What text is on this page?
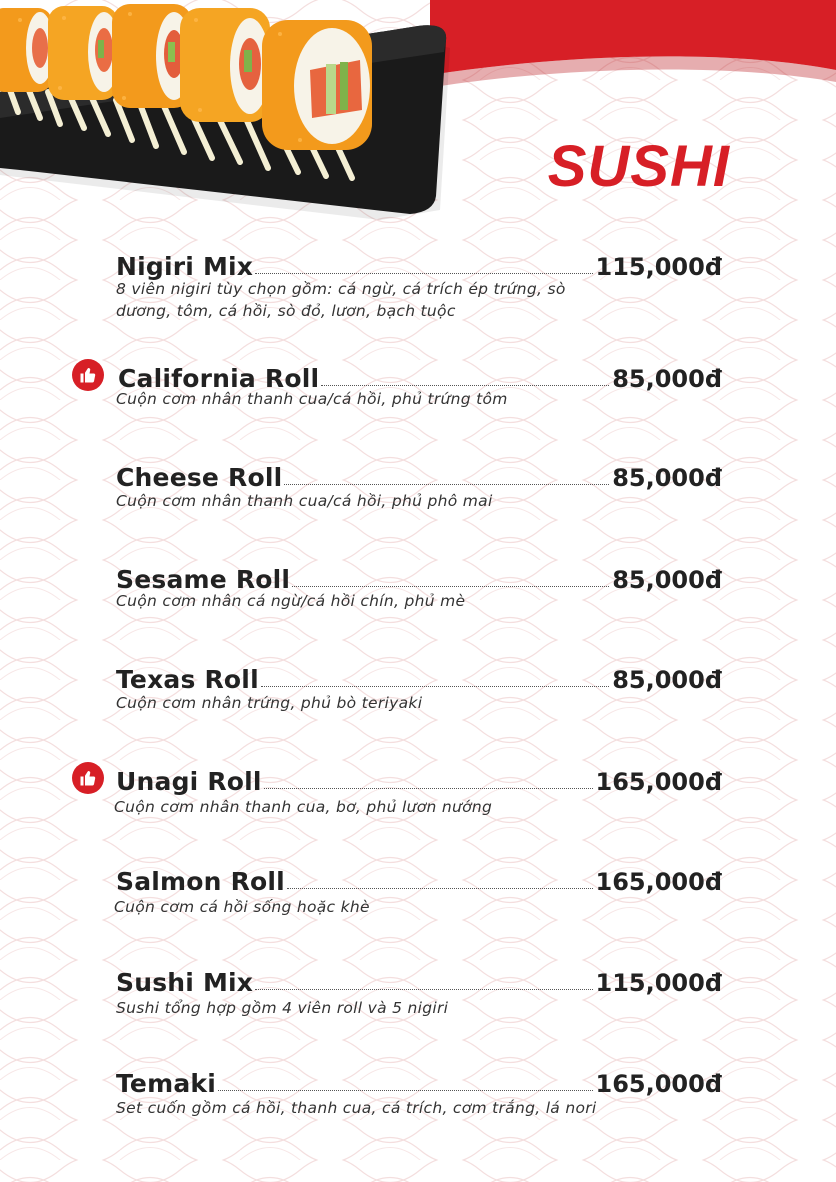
SUSHI
Nigiri Mix	115,000đ
8 viên nigiri tùy chọn gồm: cá ngừ, cá trích ép trứng, sò dương, tôm, cá hồi, sò đỏ, lươn, bạch tuộc
California Roll	85,000đ
Cuộn cơm nhân thanh cua/cá hồi, phủ trứng tôm
Cheese Roll	85,000đ
Cuộn cơm nhân thanh cua/cá hồi, phủ phô mai
Sesame Roll	85,000đ
Cuộn cơm nhân cá ngừ/cá hồi chín, phủ mè
Texas Roll	85,000đ
Cuộn cơm nhân trứng, phủ bò teriyaki
Unagi Roll	165,000đ
Cuộn cơm nhân thanh cua, bơ, phủ lươn nướng
Salmon Roll	165,000đ
Cuộn cơm cá hồi sống hoặc khè
Sushi Mix	115,000đ
Sushi tổng hợp gồm 4 viên roll và 5 nigiri
Temaki	165,000đ
Set cuốn gồm cá hồi, thanh cua, cá trích, cơm trắng, lá nori
